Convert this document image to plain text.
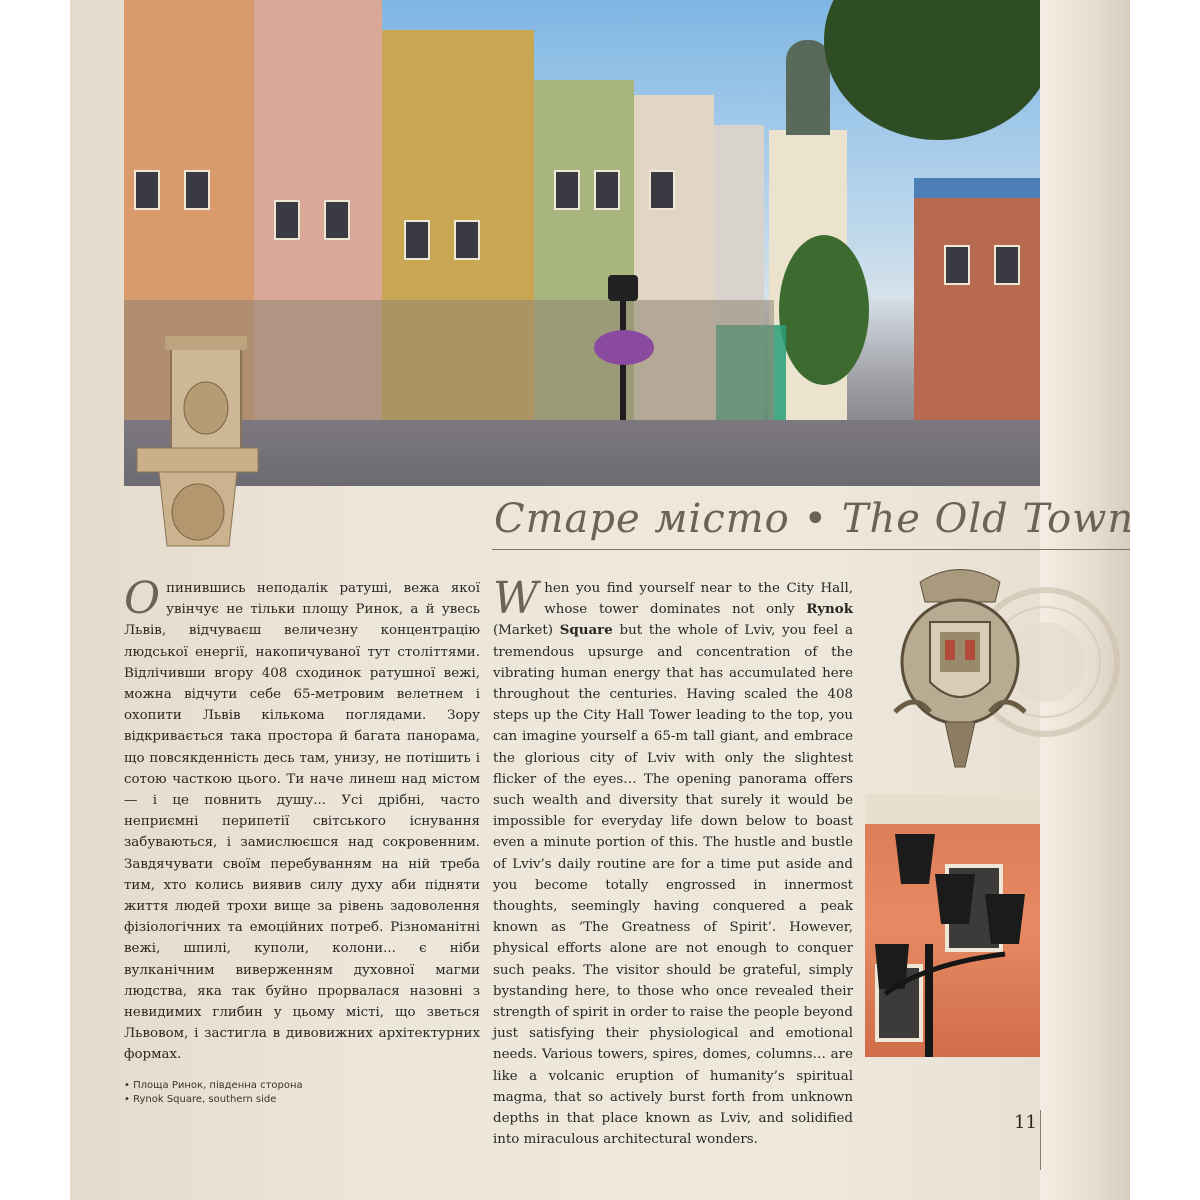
Старе місто • The Old Town

О пинившись неподалік ратуші, вежа якої увінчує не тільки площу Ринок, а й увесь Львів, відчуваєш величезну концентрацію людської енергії, накопичуваної тут століттями. Відлічивши вгору 408 сходинок ратушної вежі, можна відчути себе 65-метровим велетнем і охопити Львів кількома поглядами. Зору відкривається така простора й багата панорама, що повсякденність десь там, унизу, не потішить і сотою часткою цього. Ти наче линеш над містом — і це повнить душу... Усі дрібні, часто неприємні перипетії світського існування забуваються, і замислюєшся над сокровенним. Завдячувати своїм перебуванням на ній треба тим, хто колись виявив силу духу аби підняти життя людей трохи вище за рівень задоволення фізіологічних та емоційних потреб. Різноманітні вежі, шпилі, куполи, колони... є ніби вулканічним виверженням духовної магми людства, яка так буйно прорвалася назовні з невидимих глибин у цьому місті, що зветься Львовом, і застигла в дивовижних архітектурних формах.

W hen you find yourself near to the City Hall, whose tower dominates not only Rynok (Market) Square but the whole of Lviv, you feel a tremendous upsurge and concentration of the vibrating human energy that has accumulated here throughout the centuries. Having scaled the 408 steps up the City Hall Tower leading to the top, you can imagine yourself a 65-m tall giant, and embrace the glorious city of Lviv with only the slightest flicker of the eyes… The opening panorama offers such wealth and diversity that surely it would be impossible for everyday life down below to boast even a minute portion of this. The hustle and bustle of Lviv’s daily routine are for a time put aside and you become totally engrossed in innermost thoughts, seemingly having conquered a peak known as ‘The Greatness of Spirit’. However, physical efforts alone are not enough to conquer such peaks. The visitor should be grateful, simply bystanding here, to those who once revealed their strength of spirit in order to raise the people beyond just satisfying their physiological and emotional needs. Various towers, spires, domes, columns… are like a volcanic eruption of humanity’s spiritual magma, that so actively burst forth from unknown depths in that place known as Lviv, and solidified into miraculous architectural wonders.

• Площа Ринок, південна сторона
• Rynok Square, southern side
11
